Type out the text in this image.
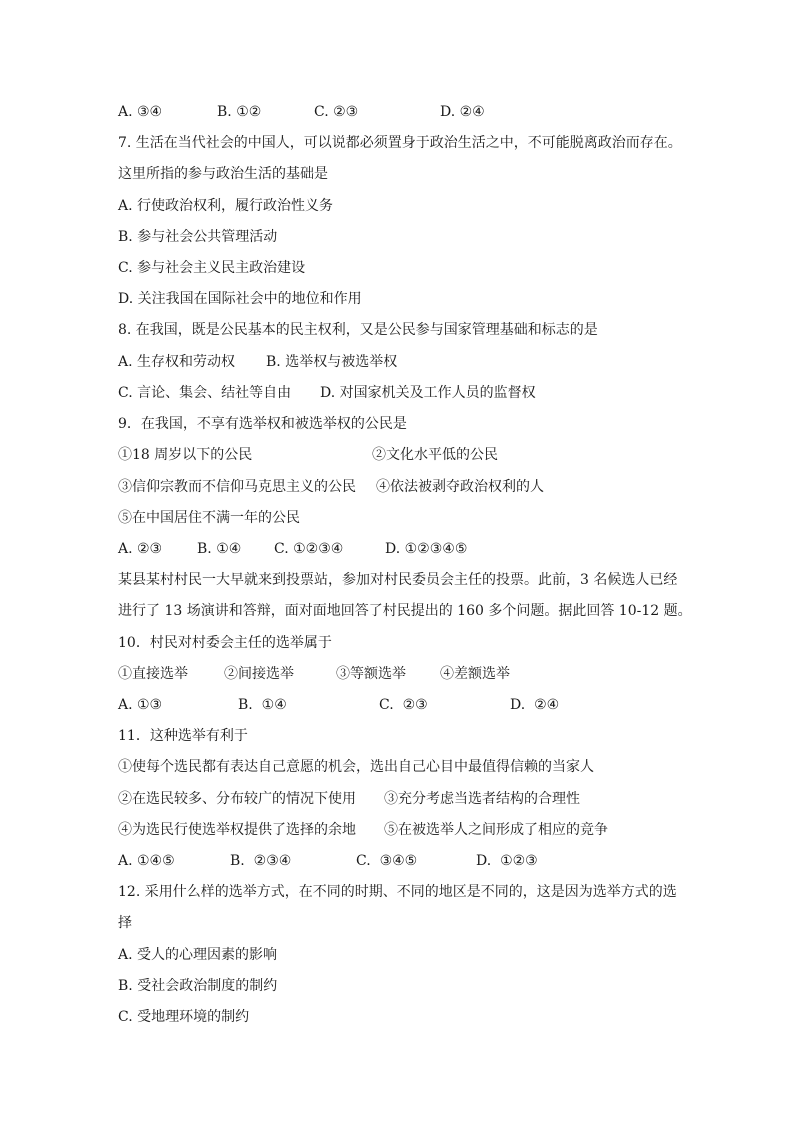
A. ③④	B. ①②	C. ②③	D. ②④
7. 生活在当代社会的中国人，可以说都必须置身于政治生活之中，不可能脱离政治而存在。
这里所指的参与政治生活的基础是
A. 行使政治权利，履行政治性义务
B. 参与社会公共管理活动
C. 参与社会主义民主政治建设
D. 关注我国在国际社会中的地位和作用
8. 在我国，既是公民基本的民主权利，又是公民参与国家管理基础和标志的是
A. 生存权和劳动权 B. 选举权与被选举权
C. 言论、集会、结社等自由 D. 对国家机关及工作人员的监督权
9．在我国，不享有选举权和被选举权的公民是
①18 周岁以下的公民	②文化水平低的公民
③信仰宗教而不信仰马克思主义的公民 ④依法被剥夺政治权利的人
⑤在中国居住不满一年的公民
A. ②③ B. ①④ C. ①②③④	D. ①②③④⑤
某县某村村民一大早就来到投票站，参加对村民委员会主任的投票。此前，3 名候选人已经
进行了 13 场演讲和答辩，面对面地回答了村民提出的 160 多个问题。据此回答 10-12 题。
10．村民对村委会主任的选举属于
①直接选举	②间接选举	③等额选举 ④差额选举
A. ①③	B.  ①④	C.  ②③	D.  ②④
11．这种选举有利于
①使每个选民都有表达自己意愿的机会，选出自己心目中最值得信赖的当家人
②在选民较多、分布较广的情况下使用 ③充分考虑当选者结构的合理性
④为选民行使选举权提供了选择的余地 ⑤在被选举人之间形成了相应的竞争
A. ①④⑤	B.  ②③④	C.  ③④⑤	D.  ①②③
12. 采用什么样的选举方式，在不同的时期、不同的地区是不同的，这是因为选举方式的选
择
A. 受人的心理因素的影响
B. 受社会政治制度的制约
C. 受地理环境的制约
